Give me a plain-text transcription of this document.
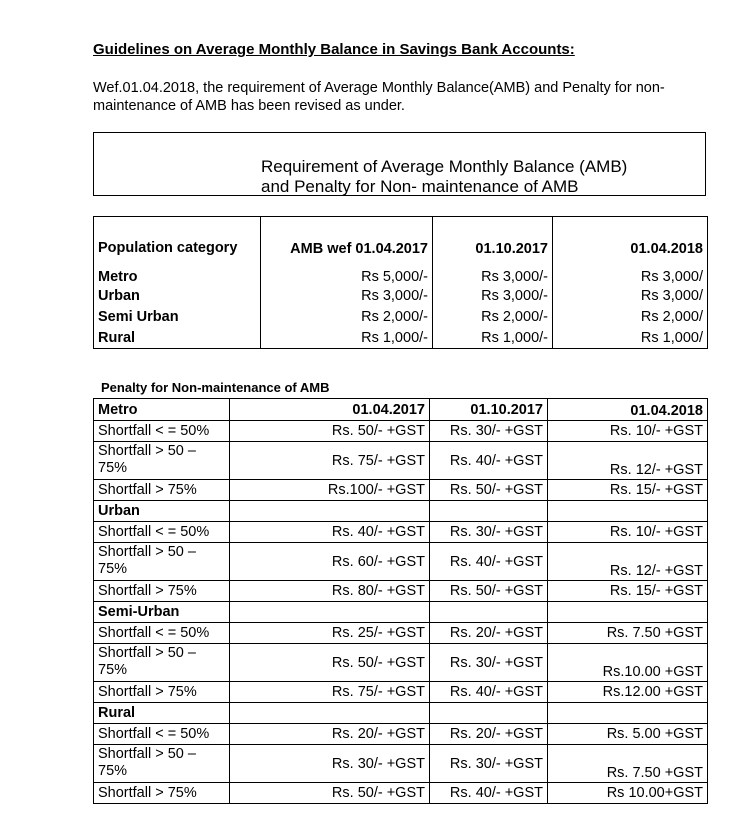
Guidelines on Average Monthly Balance in Savings Bank Accounts:
Wef.01.04.2018, the requirement of Average Monthly Balance(AMB) and Penalty for non-maintenance of AMB has been revised as under.
Requirement of Average Monthly Balance (AMB)
and Penalty for Non- maintenance of AMB
Population category	AMB wef 01.04.2017	01.10.2017	01.04.2018
Metro	Rs 5,000/-	Rs 3,000/-	Rs 3,000/
Urban	Rs 3,000/-	Rs 3,000/-	Rs 3,000/
Semi Urban	Rs 2,000/-	Rs 2,000/-	Rs 2,000/
Rural	Rs 1,000/-	Rs 1,000/-	Rs 1,000/
Penalty for Non-maintenance of AMB
Metro	01.04.2017	01.10.2017	01.04.2018
Shortfall < = 50%	Rs. 50/- +GST	Rs. 30/- +GST	Rs. 10/- +GST
Shortfall > 50 – 75%	Rs. 75/- +GST	Rs. 40/- +GST	Rs. 12/- +GST
Shortfall > 75%	Rs.100/- +GST	Rs. 50/- +GST	Rs. 15/- +GST
Urban			
Shortfall < = 50%	Rs. 40/- +GST	Rs. 30/- +GST	Rs. 10/- +GST
Shortfall > 50 – 75%	Rs. 60/- +GST	Rs. 40/- +GST	Rs. 12/- +GST
Shortfall > 75%	Rs. 80/- +GST	Rs. 50/- +GST	Rs. 15/- +GST
Semi-Urban			
Shortfall < = 50%	Rs. 25/- +GST	Rs. 20/- +GST	Rs. 7.50 +GST
Shortfall > 50 – 75%	Rs. 50/- +GST	Rs. 30/- +GST	Rs.10.00 +GST
Shortfall > 75%	Rs. 75/- +GST	Rs. 40/- +GST	Rs.12.00 +GST
Rural			
Shortfall < = 50%	Rs. 20/- +GST	Rs. 20/- +GST	Rs. 5.00 +GST
Shortfall > 50 – 75%	Rs. 30/- +GST	Rs. 30/- +GST	Rs. 7.50 +GST
Shortfall > 75%	Rs. 50/- +GST	Rs. 40/- +GST	Rs 10.00+GST
